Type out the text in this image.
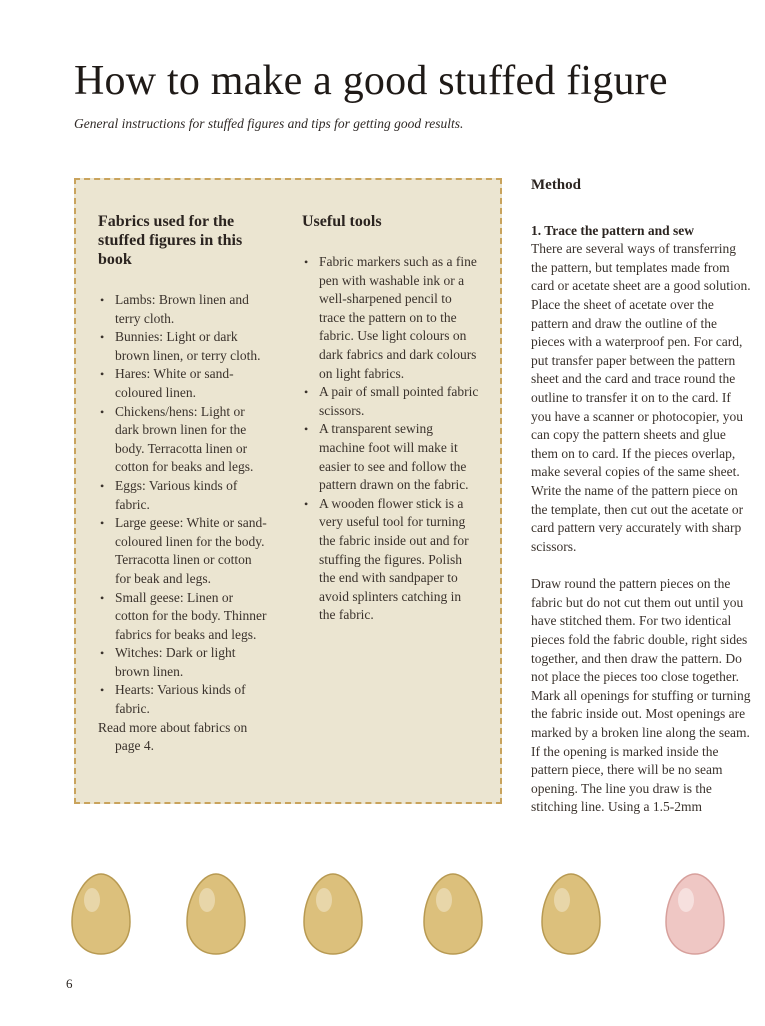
How to make a good stuffed figure

General instructions for stuffed figures and tips for getting good results.

Fabrics used for the stuffed figures in this book
• Lambs: Brown linen and terry cloth.
• Bunnies: Light or dark brown linen, or terry cloth.
• Hares: White or sand-coloured linen.
• Chickens/hens: Light or dark brown linen for the body. Terracotta linen or cotton for beaks and legs.
• Eggs: Various kinds of fabric.
• Large geese: White or sand-coloured linen for the body. Terracotta linen or cotton for beak and legs.
• Small geese: Linen or cotton for the body. Thinner fabrics for beaks and legs.
• Witches: Dark or light brown linen.
• Hearts: Various kinds of fabric.

Read more about fabrics on
page 4.

Useful tools
• Fabric markers such as a fine pen with washable ink or a well-sharpened pencil to trace the pattern on to the fabric. Use light colours on dark fabrics and dark colours on light fabrics.
• A pair of small pointed fabric scissors.
• A transparent sewing machine foot will make it easier to see and follow the pattern drawn on the fabric.
• A wooden flower stick is a very useful tool for turning the fabric inside out and for stuffing the figures. Polish the end with sandpaper to avoid splinters catching in the fabric.
Method
1. Trace the pattern and sew

There are several ways of transferring the pattern, but templates made from card or acetate sheet are a good solution. Place the sheet of acetate over the pattern and draw the outline of the pieces with a waterproof pen. For card, put transfer paper between the pattern sheet and the card and trace round the outline to transfer it on to the card. If you have a scanner or photocopier, you can copy the pattern sheets and glue them on to card. If the pieces overlap, make several copies of the same sheet. Write the name of the pattern piece on the template, then cut out the acetate or card pattern very accurately with sharp scissors.

Draw round the pattern pieces on the fabric but do not cut them out until you have stitched them. For two identical pieces fold the fabric double, right sides together, and then draw the pattern. Do not place the pieces too close together. Mark all openings for stuffing or turning the fabric inside out. Most openings are marked by a broken line along the seam. If the opening is marked inside the pattern piece, there will be no seam opening. The line you draw is the stitching line. Using a 1.5-2mm

6
